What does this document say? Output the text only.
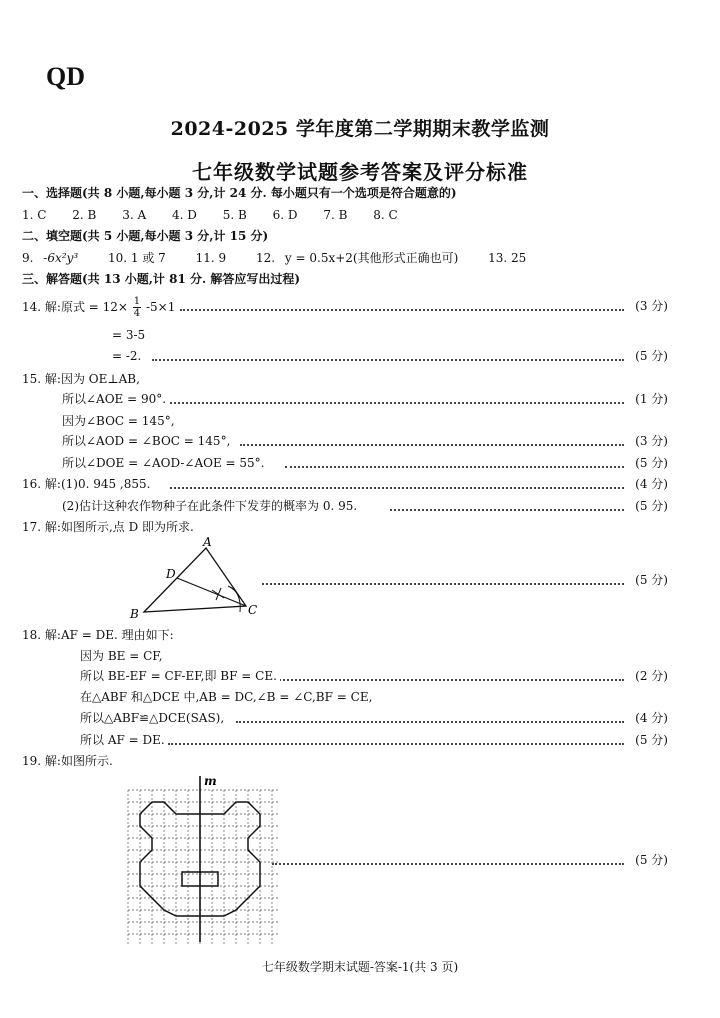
QD
2024-2025 学年度第二学期期末教学监测
七年级数学试题参考答案及评分标准
一、选择题(共 8 小题,每小题 3 分,计 24 分. 每小题只有一个选项是符合题意的)
1. C 2. B 3. A 4. D 5. B 6. D 7. B 8. C
二、填空题(共 5 小题,每小题 3 分,计 15 分)
9. -6x²y³ 10. 1 或 7 11. 9 12. y = 0.5x+2(其他形式正确也可) 13. 25
三、解答题(共 13 小题,计 81 分. 解答应写出过程)
14. 解:原式 = $12\times \frac{1}{4} -5\times 1$	(3 分)
= 3-5
= -2.	(5 分)
15. 解:因为 OE⊥AB,
所以∠AOE = 90°.	(1 分)
因为∠BOC = 145°,
所以∠AOD = ∠BOC = 145°,	(3 分)
所以∠DOE = ∠AOD-∠AOE = 55°.	(5 分)
16. 解:(1)0. 945 ,855.	(4 分)
(2)估计这种农作物种子在此条件下发芽的概率为 0. 95.	(5 分)
17. 解:如图所示,点 D 即为所求.
A
D
B	C
(5 分)
18. 解:AF = DE. 理由如下:
因为 BE = CF,
所以 BE-EF = CF-EF,即 BF = CE.	(2 分)
在△ABF 和△DCE 中,AB = DC,∠B = ∠C,BF = CE,
所以△ABF≌△DCE(SAS),	(4 分)
所以 AF = DE.	(5 分)
19. 解:如图所示.
m
(5 分)
七年级数学期末试题-答案-1(共 3 页)
